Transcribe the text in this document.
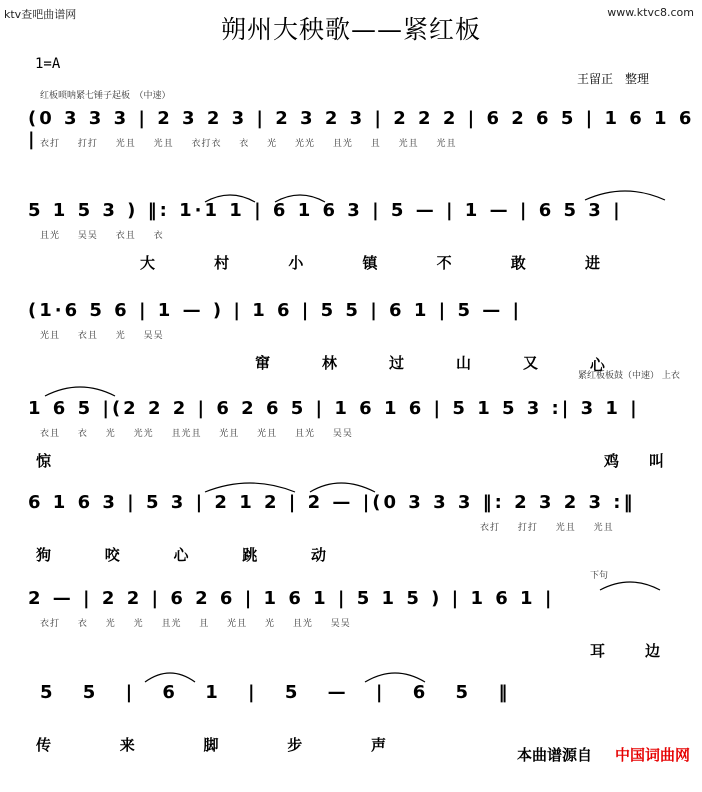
ktv查吧曲谱网	www.ktvc8.com
朔州大秧歌——紧红板
1=A
王留正　整理
红板唢呐紧七锤子起板　（中速）
(0 3 3 3 | 2 3 2 3 | 2 3 2 3 | 2 2 2 | 6 2 6 5 | 1 6 1 6 | 衣打 打打 光且 光且 衣打衣 衣 光 光光 且光 且 光且 光且
5 1 5 3 ) ‖: 1·1 1 | 6 1 6 3 | 5 — | 1 — | 6 5 3 |
且光 吴吴 衣且 衣
大	村	小	镇	不	敢	进
(1·6 5 6 | 1 — ) | 1 6 | 5 5 | 6 1 | 5 — |
光且 衣且 光 吴吴
窜	林	过	山	又	心
紧红板板鼓（中速） 上衣
1 6 5 |(2 2 2 | 6 2 6 5 | 1 6 1 6 | 5 1 5 3 :| 3 1 |
衣且 衣 光 光光 且光且 光且 光且 且光 吴吴
惊	鸡 叫
6 1 6 3 | 5 3 | 2 1 2 | 2 — |(0 3 3 3 ‖: 2 3 2 3 :‖
衣打 打打 光且 光且
狗	咬	心	跳	动
下句
2 — | 2 2 | 6 2 6 | 1 6 1 | 5 1 5 ) | 1 6 1 |
衣打 衣 光 光 且光 且 光且 光 且光 吴吴
耳	边
5 5 | 6 1 | 5 — | 6 5 ‖
传	来	脚	步	声
本曲谱源自 中国词曲网
